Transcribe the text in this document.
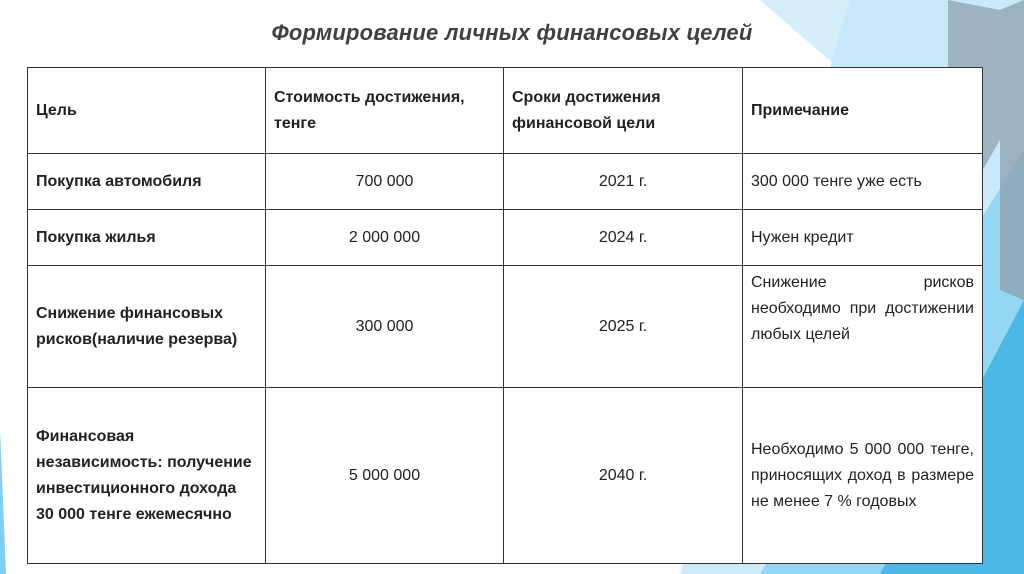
Формирование личных финансовых целей
Цель	Стоимость достижения, тенге	Сроки достижения финансовой цели	Примечание
Покупка автомобиля	700 000	2021 г.	300 000 тенге уже есть
Покупка жилья	2 000 000	2024 г.	Нужен кредит
Снижение финансовых рисков(наличие резерва)	300 000	2025 г.	Снижение рисков необходимо при достижении любых целей
Финансовая независимость: получение инвестиционного дохода 30 000 тенге ежемесячно	5 000 000	2040 г.	Необходимо 5 000 000 тенге, приносящих доход в размере не менее 7 % годовых
